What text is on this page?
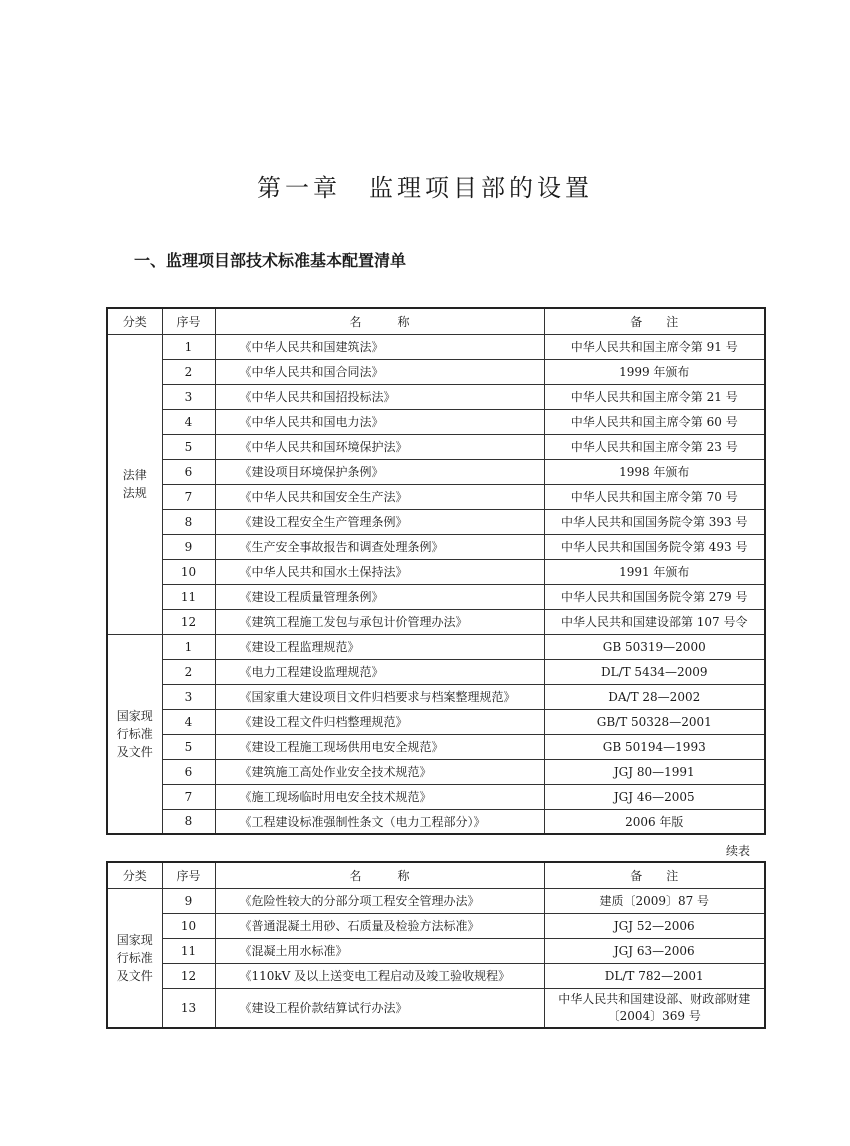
第一章　监理项目部的设置
一、监理项目部技术标准基本配置清单
分类	序号	名　　　称	备　　注
法律
法规	1	《中华人民共和国建筑法》	中华人民共和国主席令第 91 号
	2	《中华人民共和国合同法》	1999 年颁布
	3	《中华人民共和国招投标法》	中华人民共和国主席令第 21 号
	4	《中华人民共和国电力法》	中华人民共和国主席令第 60 号
	5	《中华人民共和国环境保护法》	中华人民共和国主席令第 23 号
	6	《建设项目环境保护条例》	1998 年颁布
	7	《中华人民共和国安全生产法》	中华人民共和国主席令第 70 号
	8	《建设工程安全生产管理条例》	中华人民共和国国务院令第 393 号
	9	《生产安全事故报告和调查处理条例》	中华人民共和国国务院令第 493 号
	10	《中华人民共和国水土保持法》	1991 年颁布
	11	《建设工程质量管理条例》	中华人民共和国国务院令第 279 号
	12	《建筑工程施工发包与承包计价管理办法》	中华人民共和国建设部第 107 号令
国家现
行标准
及文件	1	《建设工程监理规范》	GB 50319—2000
	2	《电力工程建设监理规范》	DL/T 5434—2009
	3	《国家重大建设项目文件归档要求与档案整理规范》	DA/T 28—2002
	4	《建设工程文件归档整理规范》	GB/T 50328—2001
	5	《建设工程施工现场供用电安全规范》	GB 50194—1993
	6	《建筑施工高处作业安全技术规范》	JGJ 80—1991
	7	《施工现场临时用电安全技术规范》	JGJ 46—2005
	8	《工程建设标准强制性条文（电力工程部分）》	2006 年版
续表
分类	序号	名　　　称	备　　注
国家现
行标准
及文件	9	《危险性较大的分部分项工程安全管理办法》	建质〔2009〕87 号
	10	《普通混凝土用砂、石质量及检验方法标准》	JGJ 52—2006
	11	《混凝土用水标准》	JGJ 63—2006
	12	《110kV 及以上送变电工程启动及竣工验收规程》	DL/T 782—2001
	13	《建设工程价款结算试行办法》	中华人民共和国建设部、财政部财建〔2004〕369 号
